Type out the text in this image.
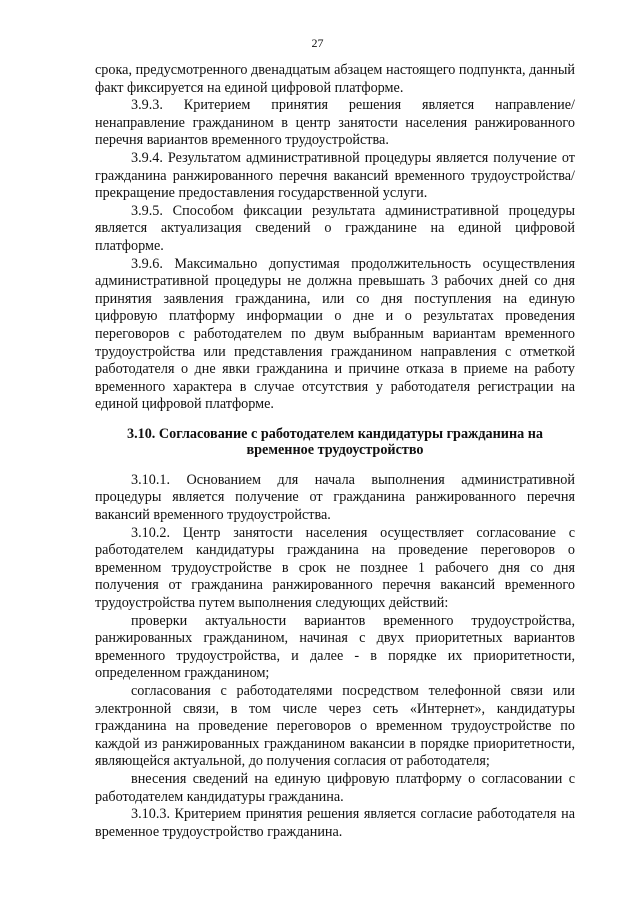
27

срока, предусмотренного двенадцатым абзацем настоящего подпункта, данный факт фиксируется на единой цифровой платформе.

3.9.3. Критерием принятия решения является направление/ненаправление гражданином в центр занятости населения ранжированного перечня вариантов временного трудоустройства.

3.9.4. Результатом административной процедуры является получение от гражданина ранжированного перечня вакансий временного трудоустройства/прекращение предоставления государственной услуги.

3.9.5. Способом фиксации результата административной процедуры является актуализация сведений о гражданине на единой цифровой платформе.

3.9.6. Максимально допустимая продолжительность осуществления административной процедуры не должна превышать 3 рабочих дней со дня принятия заявления гражданина, или со дня поступления на единую цифровую платформу информации о дне и о результатах проведения переговоров с работодателем по двум выбранным вариантам временного трудоустройства или представления гражданином направления с отметкой работодателя о дне явки гражданина и причине отказа в приеме на работу временного характера в случае отсутствия у работодателя регистрации на единой цифровой платформе.

3.10. Согласование с работодателем кандидатуры гражданина на временное трудоустройство

3.10.1. Основанием для начала выполнения административной процедуры является получение от гражданина ранжированного перечня вакансий временного трудоустройства.

3.10.2. Центр занятости населения осуществляет согласование с работодателем кандидатуры гражданина на проведение переговоров о временном трудоустройстве в срок не позднее 1 рабочего дня со дня получения от гражданина ранжированного перечня вакансий временного трудоустройства путем выполнения следующих действий:

проверки актуальности вариантов временного трудоустройства, ранжированных гражданином, начиная с двух приоритетных вариантов временного трудоустройства, и далее - в порядке их приоритетности, определенном гражданином;

согласования с работодателями посредством телефонной связи или электронной связи, в том числе через сеть «Интернет», кандидатуры гражданина на проведение переговоров о временном трудоустройстве по каждой из ранжированных гражданином вакансии в порядке приоритетности, являющейся актуальной, до получения согласия от работодателя;

внесения сведений на единую цифровую платформу о согласовании с работодателем кандидатуры гражданина.

3.10.3. Критерием принятия решения является согласие работодателя на временное трудоустройство гражданина.
